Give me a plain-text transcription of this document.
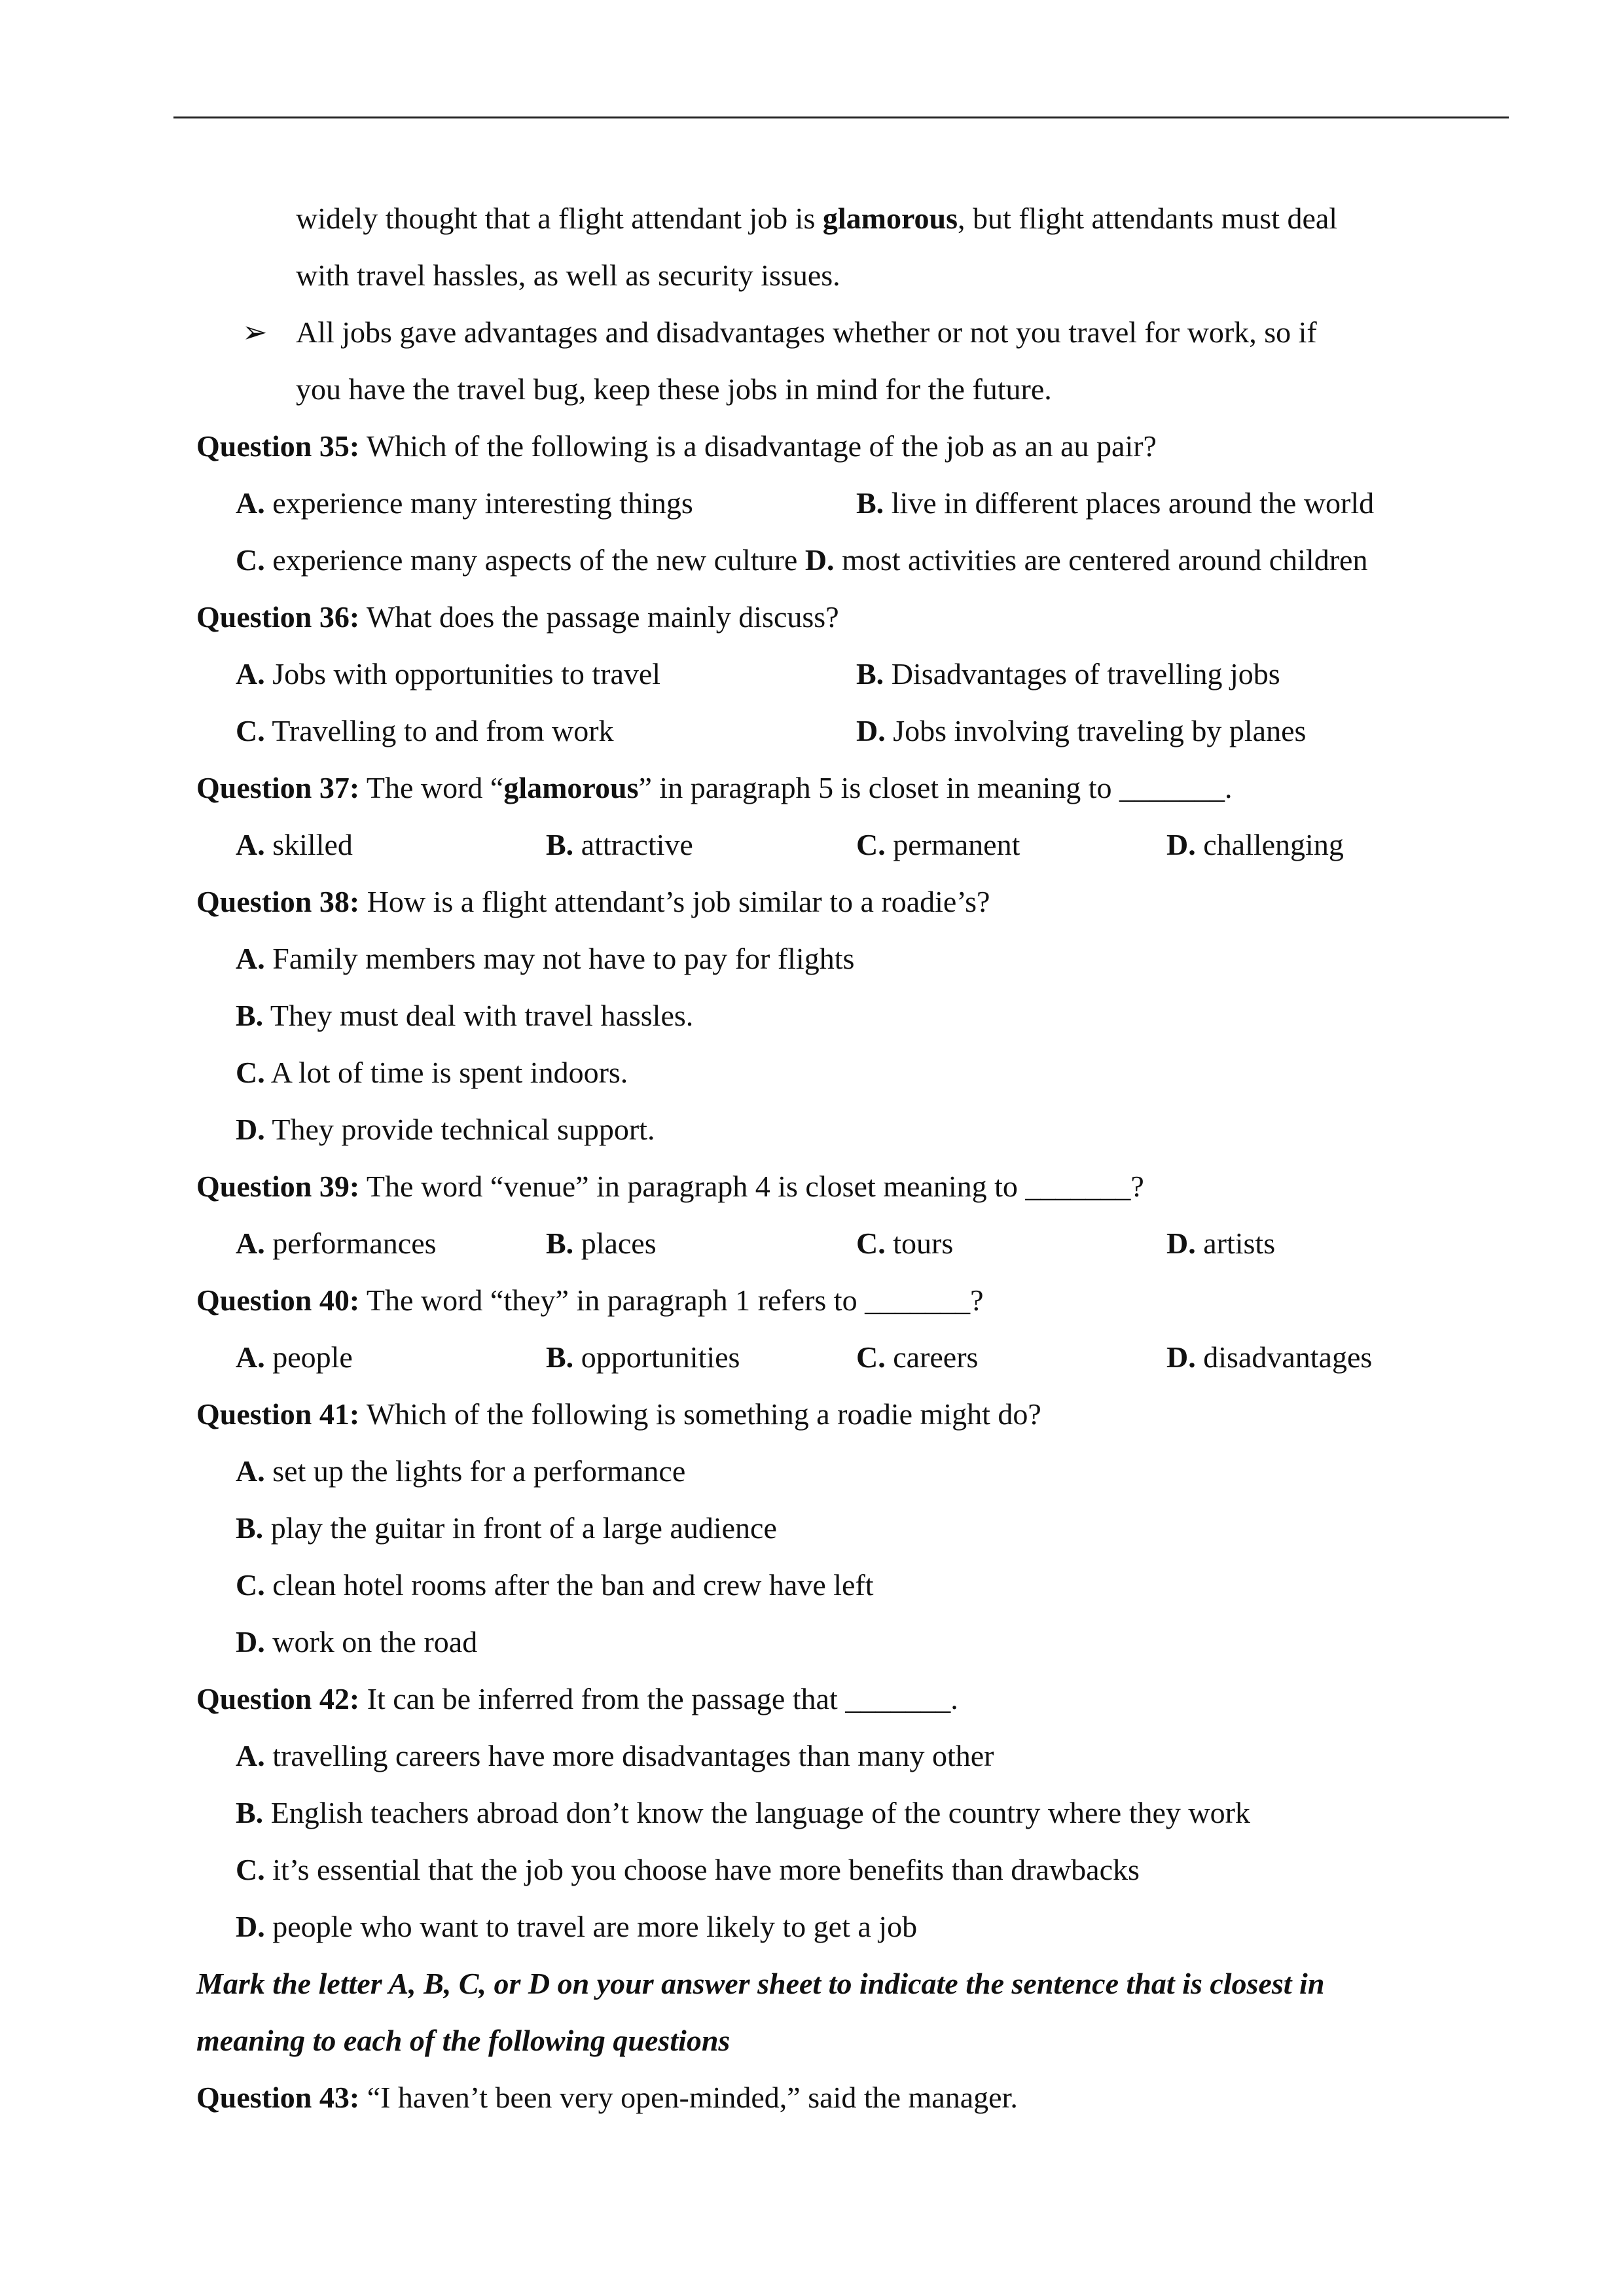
widely thought that a flight attendant job is glamorous, but flight attendants must deal
with travel hassles, as well as security issues.
➢ All jobs gave advantages and disadvantages whether or not you travel for work, so if
you have the travel bug, keep these jobs in mind for the future.
Question 35: Which of the following is a disadvantage of the job as an au pair?
A. experience many interesting things	B. live in different places around the world
C. experience many aspects of the new culture D. most activities are centered around children
Question 36: What does the passage mainly discuss?
A. Jobs with opportunities to travel	B. Disadvantages of travelling jobs
C. Travelling to and from work	D. Jobs involving traveling by planes
Question 37: The word “glamorous” in paragraph 5 is closet in meaning to _______.
A. skilled	B. attractive	C. permanent	D. challenging
Question 38: How is a flight attendant’s job similar to a roadie’s?
A. Family members may not have to pay for flights
B. They must deal with travel hassles.
C. A lot of time is spent indoors.
D. They provide technical support.
Question 39: The word “venue” in paragraph 4 is closet meaning to _______?
A. performances	B. places	C. tours	D. artists
Question 40: The word “they” in paragraph 1 refers to _______?
A. people	B. opportunities	C. careers	D. disadvantages
Question 41: Which of the following is something a roadie might do?
A. set up the lights for a performance
B. play the guitar in front of a large audience
C. clean hotel rooms after the ban and crew have left
D. work on the road
Question 42: It can be inferred from the passage that _______.
A. travelling careers have more disadvantages than many other
B. English teachers abroad don’t know the language of the country where they work
C. it’s essential that the job you choose have more benefits than drawbacks
D. people who want to travel are more likely to get a job
Mark the letter A, B, C, or D on your answer sheet to indicate the sentence that is closest in
meaning to each of the following questions
Question 43: “I haven’t been very open-minded,” said the manager.
